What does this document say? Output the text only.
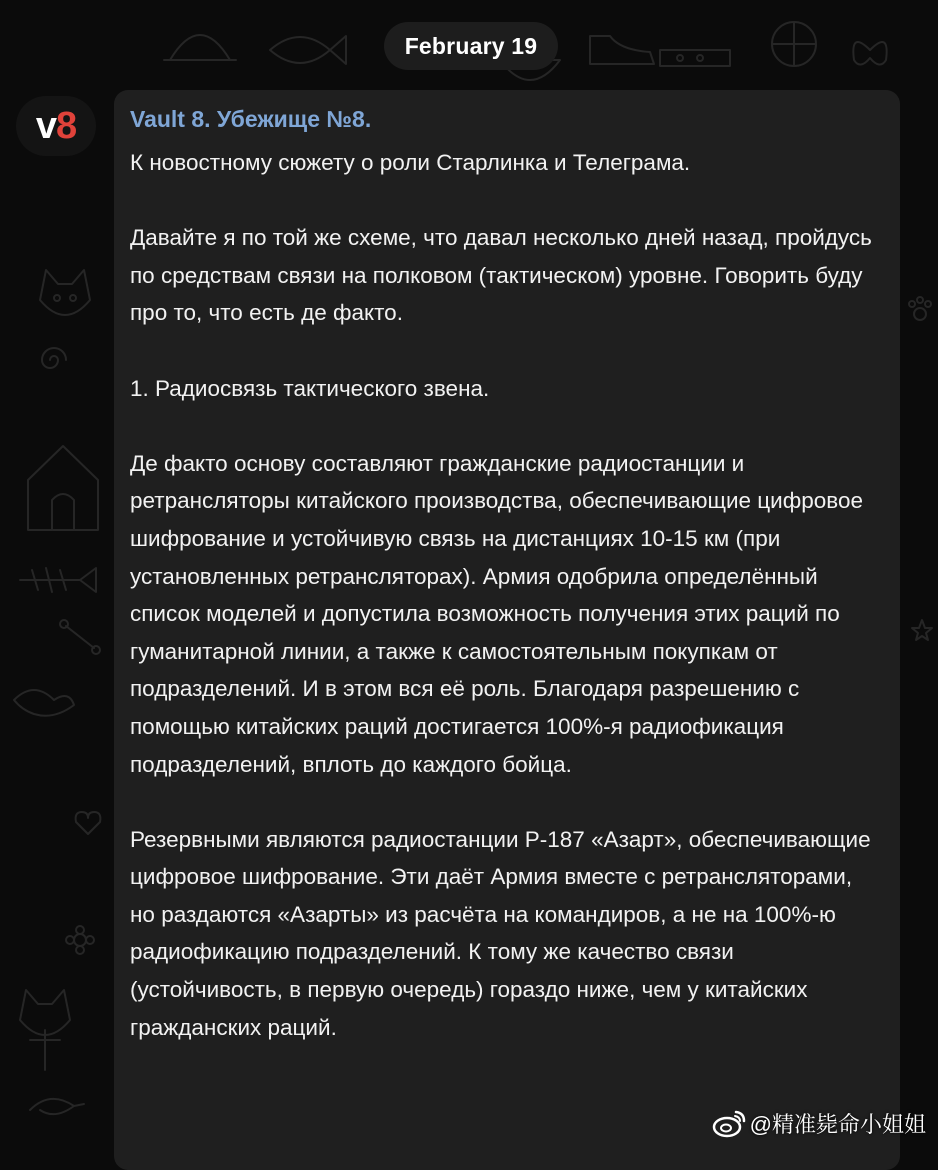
February 19
v8	Vault 8. Убежище №8.

К новостному сюжету о роли Старлинка и Телеграма.

Давайте я по той же схеме, что давал несколько дней назад, пройдусь по средствам связи на полковом (тактическом) уровне. Говорить буду про то, что есть де факто.

1. Радиосвязь тактического звена.

Де факто основу составляют гражданские радиостанции и ретрансляторы китайского производства, обеспечивающие цифровое шифрование и устойчивую связь на дистанциях 10-15 км (при установленных ретрансляторах). Армия одобрила определённый список моделей и допустила возможность получения этих раций по гуманитарной линии, а также к самостоятельным покупкам от подразделений. И в этом вся её роль. Благодаря разрешению с помощью китайских раций достигается 100%-я радиофикация подразделений, вплоть до каждого бойца.

Резервными являются радиостанции Р-187 «Азарт», обеспечивающие цифровое шифрование. Эти даёт Армия вместе с ретрансляторами, но раздаются «Азарты» из расчёта на командиров, а не на 100%-ю радиофикацию подразделений. К тому же качество связи (устойчивость, в первую очередь) гораздо ниже, чем у китайских гражданских раций.

@精准毙命小姐姐
